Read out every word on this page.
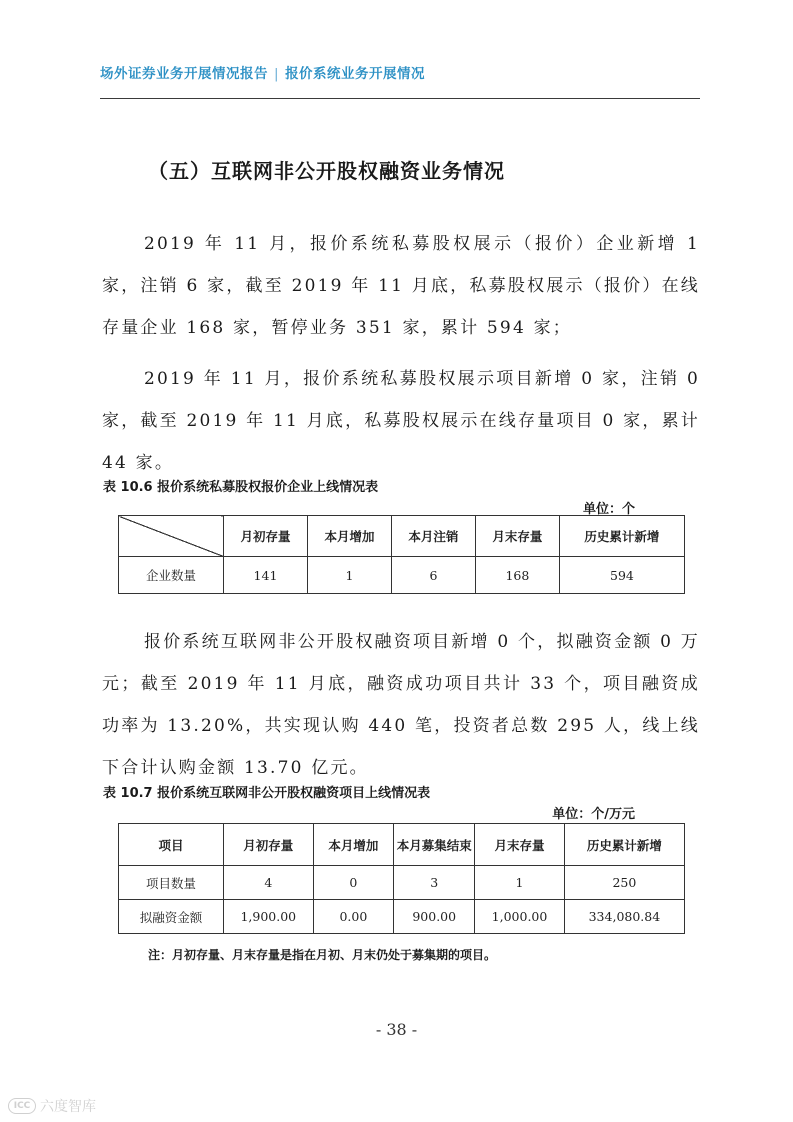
场外证券业务开展情况报告 | 报价系统业务开展情况
（五）互联网非公开股权融资业务情况

2019 年 11 月，报价系统私募股权展示（报价）企业新增 1 家，注销 6 家，截至 2019 年 11 月底，私募股权展示（报价）在线存量企业 168 家，暂停业务 351 家，累计 594 家；

2019 年 11 月，报价系统私募股权展示项目新增 0 家，注销 0 家，截至 2019 年 11 月底，私募股权展示在线存量项目 0 家，累计 44 家。

表 10.6 报价系统私募股权报价企业上线情况表
单位：个
	月初存量	本月增加	本月注销	月末存量	历史累计新增
企业数量	141	1	6	168	594

报价系统互联网非公开股权融资项目新增 0 个，拟融资金额 0 万元；截至 2019 年 11 月底，融资成功项目共计 33 个，项目融资成功率为 13.20%，共实现认购 440 笔，投资者总数 295 人，线上线下合计认购金额 13.70 亿元。

表 10.7 报价系统互联网非公开股权融资项目上线情况表
单位：个/万元
项目	月初存量	本月增加	本月募集结束	月末存量	历史累计新增
项目数量	4	0	3	1	250
拟融资金额	1,900.00	0.00	900.00	1,000.00	334,080.84
注：月初存量、月末存量是指在月初、月末仍处于募集期的项目。
- 38 -
ICC 六度智库
